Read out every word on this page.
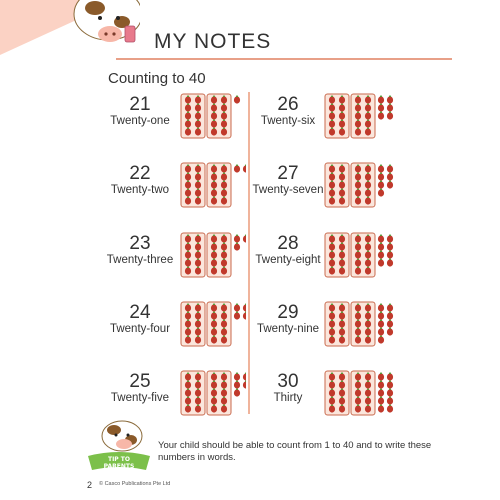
MY NOTES
Counting to 40
21
Twenty-one
22
Twenty-two
23
Twenty-three
24
Twenty-four
25
Twenty-five
26
Twenty-six
27
Twenty-seven
28
Twenty-eight
29
Twenty-nine
30
Thirty
TIP TO
PARENTS
Your child should be able to count from 1 to 40 and to write these numbers in words.
2 © Casco Publications Pte Ltd
